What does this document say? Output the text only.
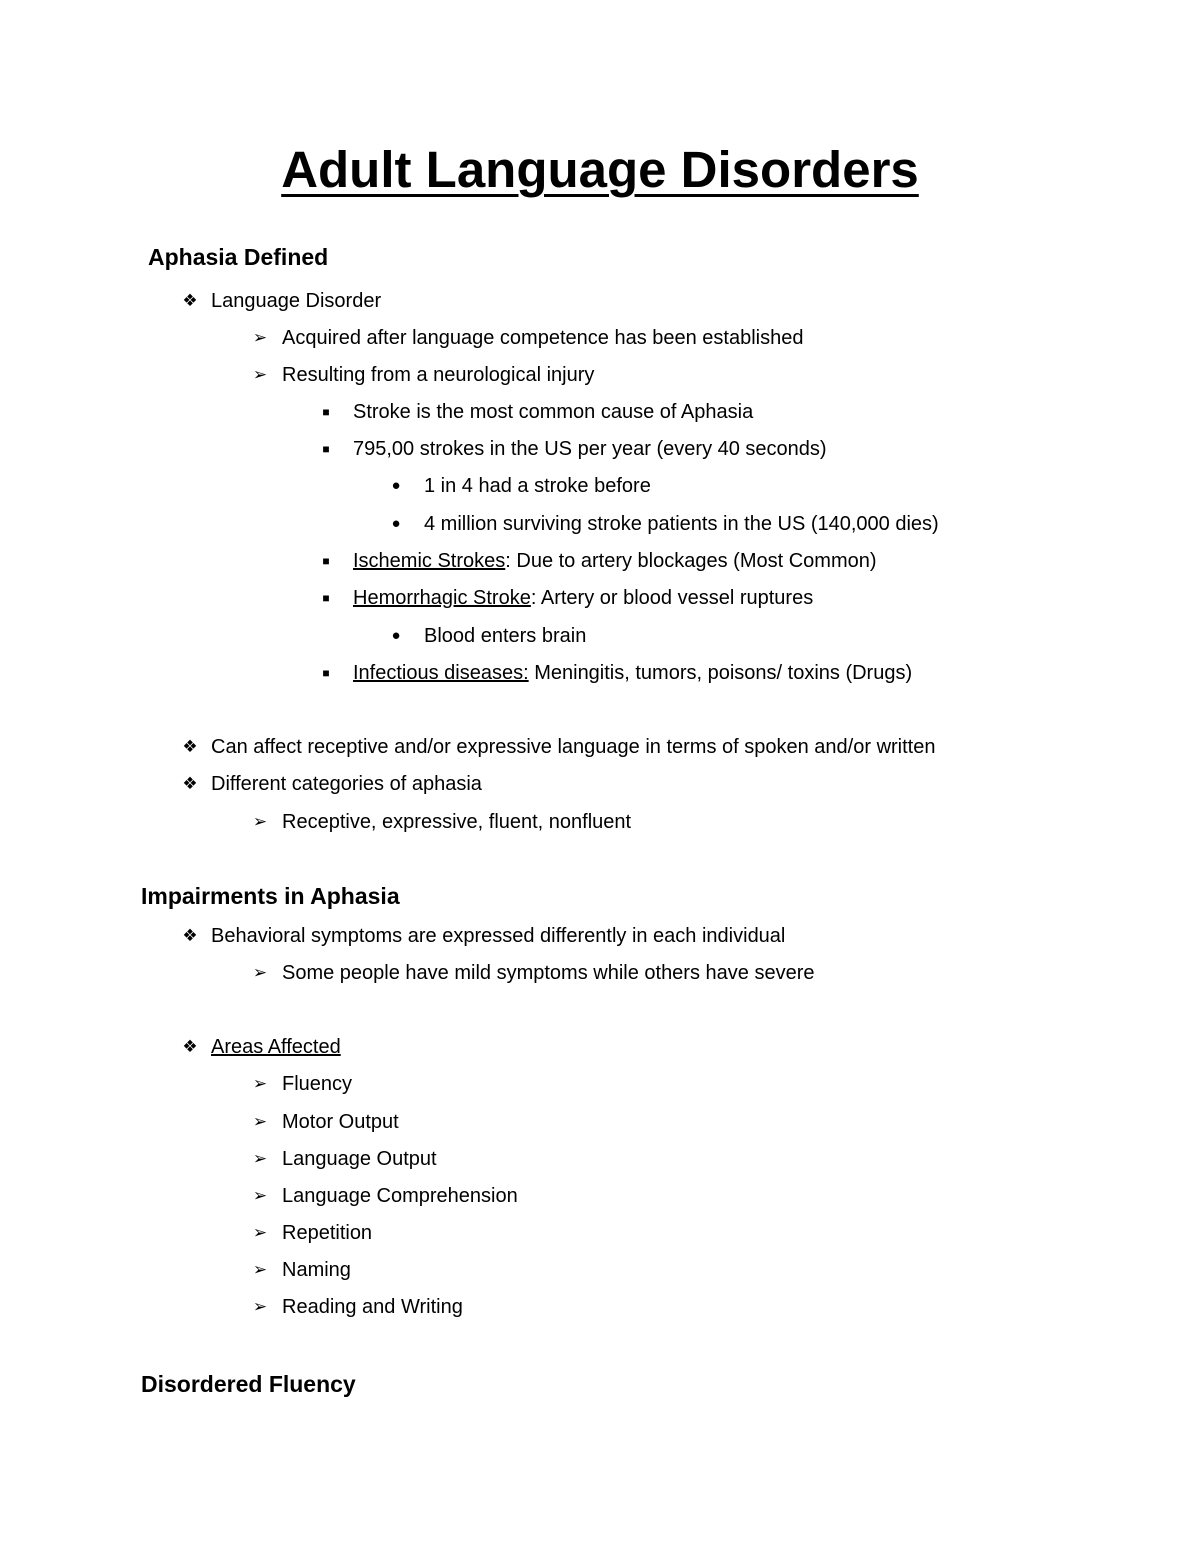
Adult Language Disorders
Aphasia Defined
❖ Language Disorder
➢ Acquired after language competence has been established
➢ Resulting from a neurological injury
■	Stroke is the most common cause of Aphasia
■	795,00 strokes in the US per year (every 40 seconds)
●	1 in 4 had a stroke before
●	4 million surviving stroke patients in the US (140,000 dies)
■	Ischemic Strokes: Due to artery blockages (Most Common)
■	Hemorrhagic Stroke: Artery or blood vessel ruptures
●	Blood enters brain
■	Infectious diseases: Meningitis, tumors, poisons/ toxins (Drugs)
❖ Can affect receptive and/or expressive language in terms of spoken and/or written
❖ Different categories of aphasia
➢ Receptive, expressive, fluent, nonfluent
Impairments in Aphasia
❖ Behavioral symptoms are expressed differently in each individual
➢ Some people have mild symptoms while others have severe
❖ Areas Affected
➢ Fluency
➢ Motor Output
➢ Language Output
➢ Language Comprehension
➢ Repetition
➢ Naming
➢ Reading and Writing
Disordered Fluency
